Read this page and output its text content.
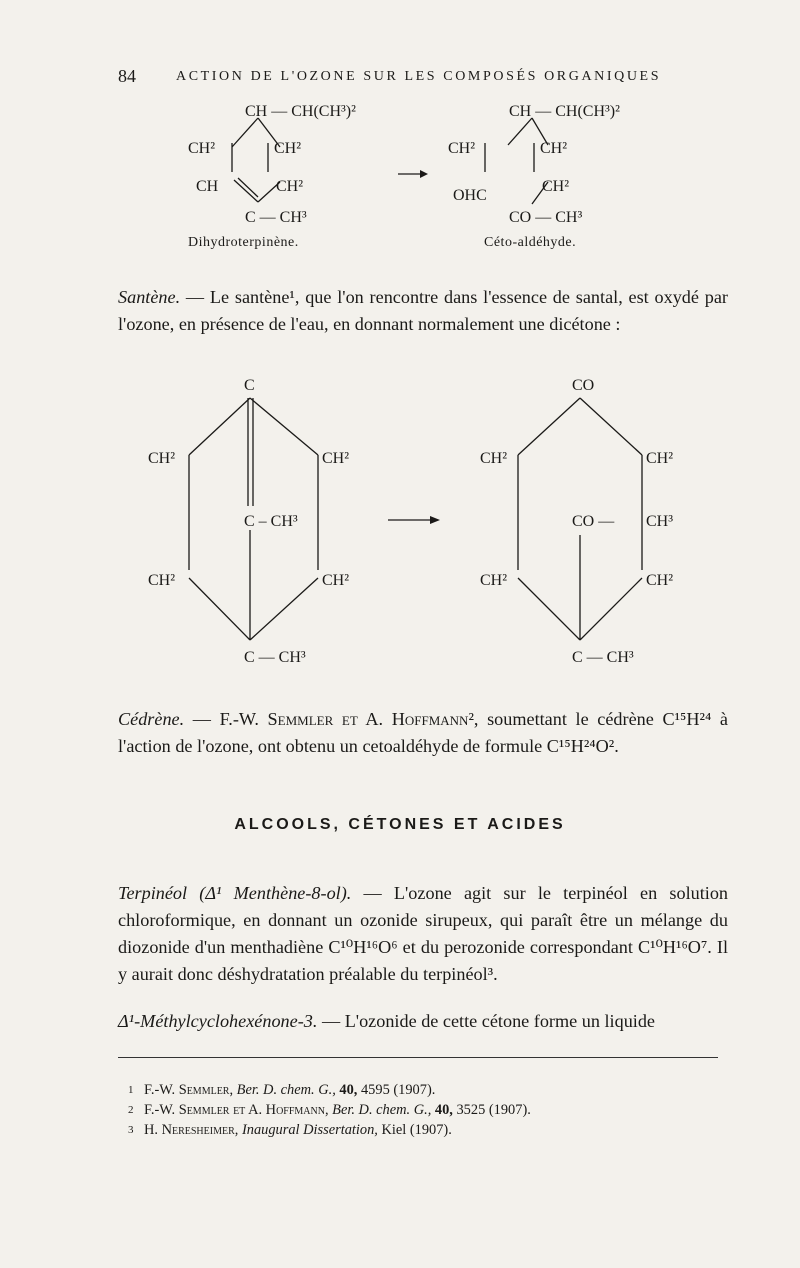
84	ACTION DE L'OZONE SUR LES COMPOSÉS ORGANIQUES
CH — CH(CH³)²
CH²	CH²
CH	CH²
C — CH³
CH — CH(CH³)²
CH²	CH²
OHC
CH²
CO — CH³
Dihydroterpinène.	Céto-aldéhyde.

Santène. — Le santène¹, que l'on rencontre dans l'essence de santal, est oxydé par l'ozone, en présence de l'eau, en donnant normalement une dicétone :

C
CH²	CH²
C – CH³
CH²	CH²
C — CH³
CO
CH²	CH²
CO — CH³
CH²	CH²
C — CH³

Cédrène. — F.-W. Semmler et A. Hoffmann², soumettant le cédrène C¹⁵H²⁴ à l'action de l'ozone, ont obtenu un cetoaldéhyde de formule C¹⁵H²⁴O².

ALCOOLS, CÉTONES ET ACIDES

Terpinéol (Δ¹ Menthène-8-ol). — L'ozone agit sur le terpinéol en solution chloroformique, en donnant un ozonide sirupeux, qui paraît être un mélange du diozonide d'un menthadiène C¹⁰H¹⁶O⁶ et du perozonide correspondant C¹⁰H¹⁶O⁷. Il y aurait donc déshydratation préalable du terpinéol³.

Δ¹-Méthylcyclohexénone-3. — L'ozonide de cette cétone forme un liquide

1 F.-W. Semmler, Ber. D. chem. G., 40, 4595 (1907).
2 F.-W. Semmler et A. Hoffmann, Ber. D. chem. G., 40, 3525 (1907).
3 H. Neresheimer, Inaugural Dissertation, Kiel (1907).
